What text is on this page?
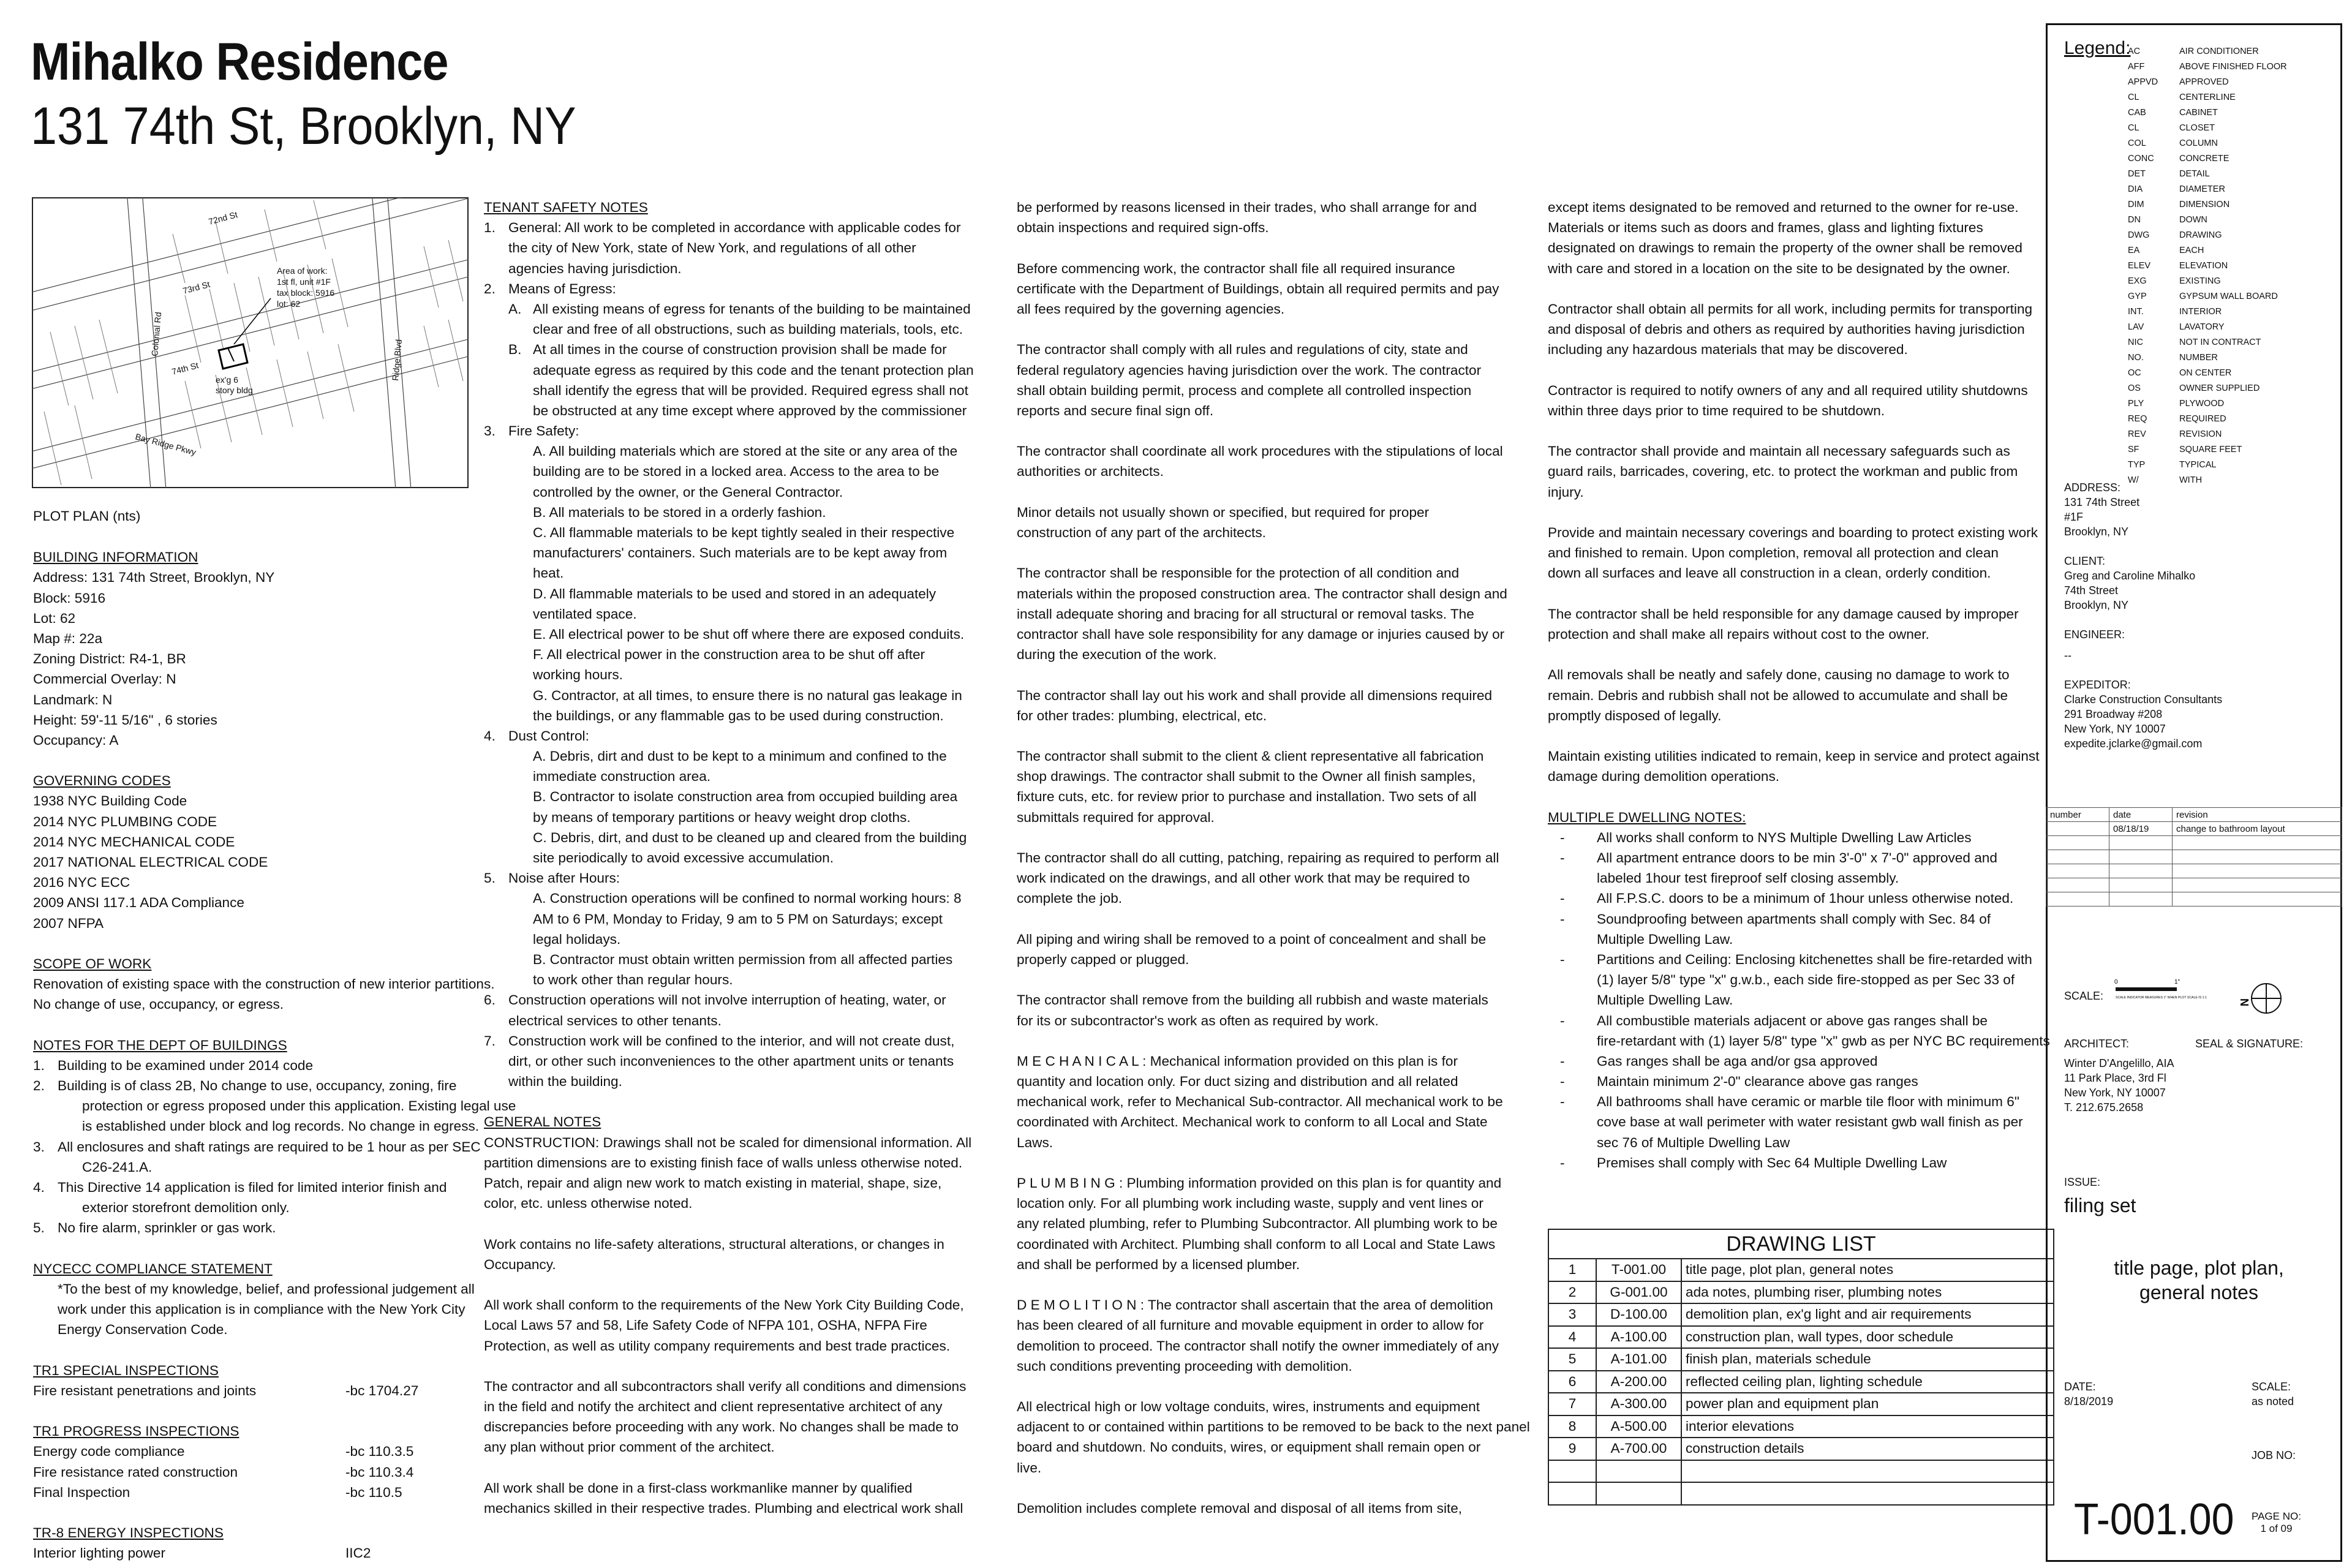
Mihalko Residence
131 74th St, Brooklyn, NY
72nd St
73rd St
74th St
Colonial Rd
Ridge Blvd
Bay Ridge Pkwy
Area of work:
1st fl, unit #1F
tax block: 5916
lot: 62
ex'g 6
story bldg
PLOT PLAN (nts)
BUILDING INFORMATION
Address: 131 74th Street, Brooklyn, NY
Block: 5916
Lot: 62
Map #: 22a
Zoning District: R4-1, BR
Commercial Overlay: N
Landmark: N
Height: 59'-11 5/16" , 6 stories
Occupancy: A
GOVERNING CODES
1938 NYC Building Code
2014 NYC PLUMBING CODE
2014 NYC MECHANICAL CODE
2017 NATIONAL ELECTRICAL CODE
2016 NYC ECC
2009 ANSI 117.1 ADA Compliance
2007 NFPA
SCOPE OF WORK
Renovation of existing space with the construction of new interior partitions.
No change of use, occupancy, or egress.
NOTES FOR THE DEPT OF BUILDINGS
1. Building to be examined under 2014 code
2. Building is of class 2B, No change to use, occupancy, zoning, fire
protection or egress proposed under this application. Existing legal use
is established under block and log records. No change in egress.
3. All enclosures and shaft ratings are required to be 1 hour as per SEC
C26-241.A.
4. This Directive 14 application is filed for limited interior finish and
exterior storefront demolition only.
5. No fire alarm, sprinkler or gas work.
NYCECC COMPLIANCE STATEMENT
*To the best of my knowledge, belief, and professional judgement all
work under this application is in compliance with the New York City
Energy Conservation Code.
TR1 SPECIAL INSPECTIONS
Fire resistant penetrations and joints	-bc 1704.27
TR1 PROGRESS INSPECTIONS
Energy code compliance	-bc 110.3.5
Fire resistance rated construction	-bc 110.3.4
Final Inspection	-bc 110.5
TR-8 ENERGY INSPECTIONS
Interior lighting power	IIC2
TENANT SAFETY NOTES
1. General: All work to be completed in accordance with applicable codes for
the city of New York, state of New York, and regulations of all other
agencies having jurisdiction.
2. Means of Egress:
A. All existing means of egress for tenants of the building to be maintained
clear and free of all obstructions, such as building materials, tools, etc.
B. At all times in the course of construction provision shall be made for
adequate egress as required by this code and the tenant protection plan
shall identify the egress that will be provided. Required egress shall not
be obstructed at any time except where approved by the commissioner
3. Fire Safety:
A. All building materials which are stored at the site or any area of the
building are to be stored in a locked area. Access to the area to be
controlled by the owner, or the General Contractor.
B. All materials to be stored in a orderly fashion.
C. All flammable materials to be kept tightly sealed in their respective
manufacturers' containers. Such materials are to be kept away from
heat.
D. All flammable materials to be used and stored in an adequately
ventilated space.
E. All electrical power to be shut off where there are exposed conduits.
F. All electrical power in the construction area to be shut off after
working hours.
G. Contractor, at all times, to ensure there is no natural gas leakage in
the buildings, or any flammable gas to be used during construction.
4. Dust Control:
A. Debris, dirt and dust to be kept to a minimum and confined to the
immediate construction area.
B. Contractor to isolate construction area from occupied building area
by means of temporary partitions or heavy weight drop cloths.
C. Debris, dirt, and dust to be cleaned up and cleared from the building
site periodically to avoid excessive accumulation.
5. Noise after Hours:
A. Construction operations will be confined to normal working hours: 8
AM to 6 PM, Monday to Friday, 9 am to 5 PM on Saturdays; except
legal holidays.
B. Contractor must obtain written permission from all affected parties
to work other than regular hours.
6. Construction operations will not involve interruption of heating, water, or
electrical services to other tenants.
7. Construction work will be confined to the interior, and will not create dust,
dirt, or other such inconveniences to the other apartment units or tenants
within the building.
GENERAL NOTES
CONSTRUCTION: Drawings shall not be scaled for dimensional information. All
partition dimensions are to existing finish face of walls unless otherwise noted.
Patch, repair and align new work to match existing in material, shape, size,
color, etc. unless otherwise noted.
Work contains no life-safety alterations, structural alterations, or changes in
Occupancy.
All work shall conform to the requirements of the New York City Building Code,
Local Laws 57 and 58, Life Safety Code of NFPA 101, OSHA, NFPA Fire
Protection, as well as utility company requirements and best trade practices.
The contractor and all subcontractors shall verify all conditions and dimensions
in the field and notify the architect and client representative architect of any
discrepancies before proceeding with any work. No changes shall be made to
any plan without prior comment of the architect.
All work shall be done in a first-class workmanlike manner by qualified
mechanics skilled in their respective trades. Plumbing and electrical work shall
be performed by reasons licensed in their trades, who shall arrange for and
obtain inspections and required sign-offs.
Before commencing work, the contractor shall file all required insurance
certificate with the Department of Buildings, obtain all required permits and pay
all fees required by the governing agencies.
The contractor shall comply with all rules and regulations of city, state and
federal regulatory agencies having jurisdiction over the work. The contractor
shall obtain building permit, process and complete all controlled inspection
reports and secure final sign off.
The contractor shall coordinate all work procedures with the stipulations of local
authorities or architects.
Minor details not usually shown or specified, but required for proper
construction of any part of the architects.
The contractor shall be responsible for the protection of all condition and
materials within the proposed construction area. The contractor shall design and
install adequate shoring and bracing for all structural or removal tasks. The
contractor shall have sole responsibility for any damage or injuries caused by or
during the execution of the work.
The contractor shall lay out his work and shall provide all dimensions required
for other trades: plumbing, electrical, etc.
The contractor shall submit to the client & client representative all fabrication
shop drawings. The contractor shall submit to the Owner all finish samples,
fixture cuts, etc. for review prior to purchase and installation. Two sets of all
submittals required for approval.
The contractor shall do all cutting, patching, repairing as required to perform all
work indicated on the drawings, and all other work that may be required to
complete the job.
All piping and wiring shall be removed to a point of concealment and shall be
properly capped or plugged.
The contractor shall remove from the building all rubbish and waste materials
for its or subcontractor's work as often as required by work.
M E C H A N I C A L : Mechanical information provided on this plan is for
quantity and location only. For duct sizing and distribution and all related
mechanical work, refer to Mechanical Sub-contractor. All mechanical work to be
coordinated with Architect. Mechanical work to conform to all Local and State
Laws.
P L U M B I N G : Plumbing information provided on this plan is for quantity and
location only. For all plumbing work including waste, supply and vent lines or
any related plumbing, refer to Plumbing Subcontractor. All plumbing work to be
coordinated with Architect. Plumbing shall conform to all Local and State Laws
and shall be performed by a licensed plumber.
D E M O L I T I O N : The contractor shall ascertain that the area of demolition
has been cleared of all furniture and movable equipment in order to allow for
demolition to proceed. The contractor shall notify the owner immediately of any
such conditions preventing proceeding with demolition.
All electrical high or low voltage conduits, wires, instruments and equipment
adjacent to or contained within partitions to be removed to be back to the next panel
board and shutdown. No conduits, wires, or equipment shall remain open or
live.
Demolition includes complete removal and disposal of all items from site,
except items designated to be removed and returned to the owner for re-use.
Materials or items such as doors and frames, glass and lighting fixtures
designated on drawings to remain the property of the owner shall be removed
with care and stored in a location on the site to be designated by the owner.
Contractor shall obtain all permits for all work, including permits for transporting
and disposal of debris and others as required by authorities having jurisdiction
including any hazardous materials that may be discovered.
Contractor is required to notify owners of any and all required utility shutdowns
within three days prior to time required to be shutdown.
The contractor shall provide and maintain all necessary safeguards such as
guard rails, barricades, covering, etc. to protect the workman and public from
injury.
Provide and maintain necessary coverings and boarding to protect existing work
and finished to remain. Upon completion, removal all protection and clean
down all surfaces and leave all construction in a clean, orderly condition.
The contractor shall be held responsible for any damage caused by improper
protection and shall make all repairs without cost to the owner.
All removals shall be neatly and safely done, causing no damage to work to
remain. Debris and rubbish shall not be allowed to accumulate and shall be
promptly disposed of legally.
Maintain existing utilities indicated to remain, keep in service and protect against
damage during demolition operations.
MULTIPLE DWELLING NOTES:
- All works shall conform to NYS Multiple Dwelling Law Articles
- All apartment entrance doors to be min 3'-0" x 7'-0" approved and
labeled 1hour test fireproof self closing assembly.
- All F.P.S.C. doors to be a minimum of 1hour unless otherwise noted.
- Soundproofing between apartments shall comply with Sec. 84 of
Multiple Dwelling Law.
- Partitions and Ceiling: Enclosing kitchenettes shall be fire-retarded with
(1) layer 5/8" type "x" g.w.b., each side fire-stopped as per Sec 33 of
Multiple Dwelling Law.
- All combustible materials adjacent or above gas ranges shall be
fire-retardant with (1) layer 5/8" type "x" gwb as per NYC BC requirements
- Gas ranges shall be aga and/or gsa approved
- Maintain minimum 2'-0" clearance above gas ranges
- All bathrooms shall have ceramic or marble tile floor with minimum 6"
cove base at wall perimeter with water resistant gwb wall finish as per
sec 76 of Multiple Dwelling Law
- Premises shall comply with Sec 64 Multiple Dwelling Law
DRAWING LIST		
1	T-001.00	title page, plot plan, general notes
2	G-001.00	ada notes, plumbing riser, plumbing notes
3	D-100.00	demolition plan, ex'g light and air requirements
4	A-100.00	construction plan, wall types, door schedule
5	A-101.00	finish plan, materials schedule
6	A-200.00	reflected ceiling plan, lighting schedule
7	A-300.00	power plan and equipment plan
8	A-500.00	interior elevations
9	A-700.00	construction details

Legend:
AC	AIR CONDITIONER
AFF	ABOVE FINISHED FLOOR
APPVD APPROVED
CL	CENTERLINE
CAB	CABINET
CL	CLOSET
COL	COLUMN
CONC	CONCRETE
DET	DETAIL
DIA	DIAMETER
DIM	DIMENSION
DN	DOWN
DWG	DRAWING
EA	EACH
ELEV	ELEVATION
EXG	EXISTING
GYP	GYPSUM WALL BOARD
INT.	INTERIOR
LAV	LAVATORY
NIC	NOT IN CONTRACT
NO.	NUMBER
OC	ON CENTER
OS	OWNER SUPPLIED
PLY	PLYWOOD
REQ	REQUIRED
REV	REVISION
SF	SQUARE FEET
TYP	TYPICAL
W/	WITH
ADDRESS:
131 74th Street
#1F
Brooklyn, NY
CLIENT:
Greg and Caroline Mihalko
74th Street
Brooklyn, NY
ENGINEER:
--
EXPEDITOR:
Clarke Construction Consultants
291 Broadway #208
New York, NY 10007
expedite.jclarke@gmail.com
number	date	revision
	08/18/19	change to bathroom layout

SCALE:
0	1"
SCALE INDICATOR MEASURES 1" WHEN PLOT SCALE IS 1:1
N
ARCHITECT:
Winter D'Angelillo, AIA
11 Park Place, 3rd Fl
New York, NY 10007
T. 212.675.2658
SEAL & SIGNATURE:
ISSUE:
filing set
title page, plot plan,
general notes
DATE:
8/18/2019
SCALE:
as noted
JOB NO:
T-001.00 PAGE NO:
1 of 09
